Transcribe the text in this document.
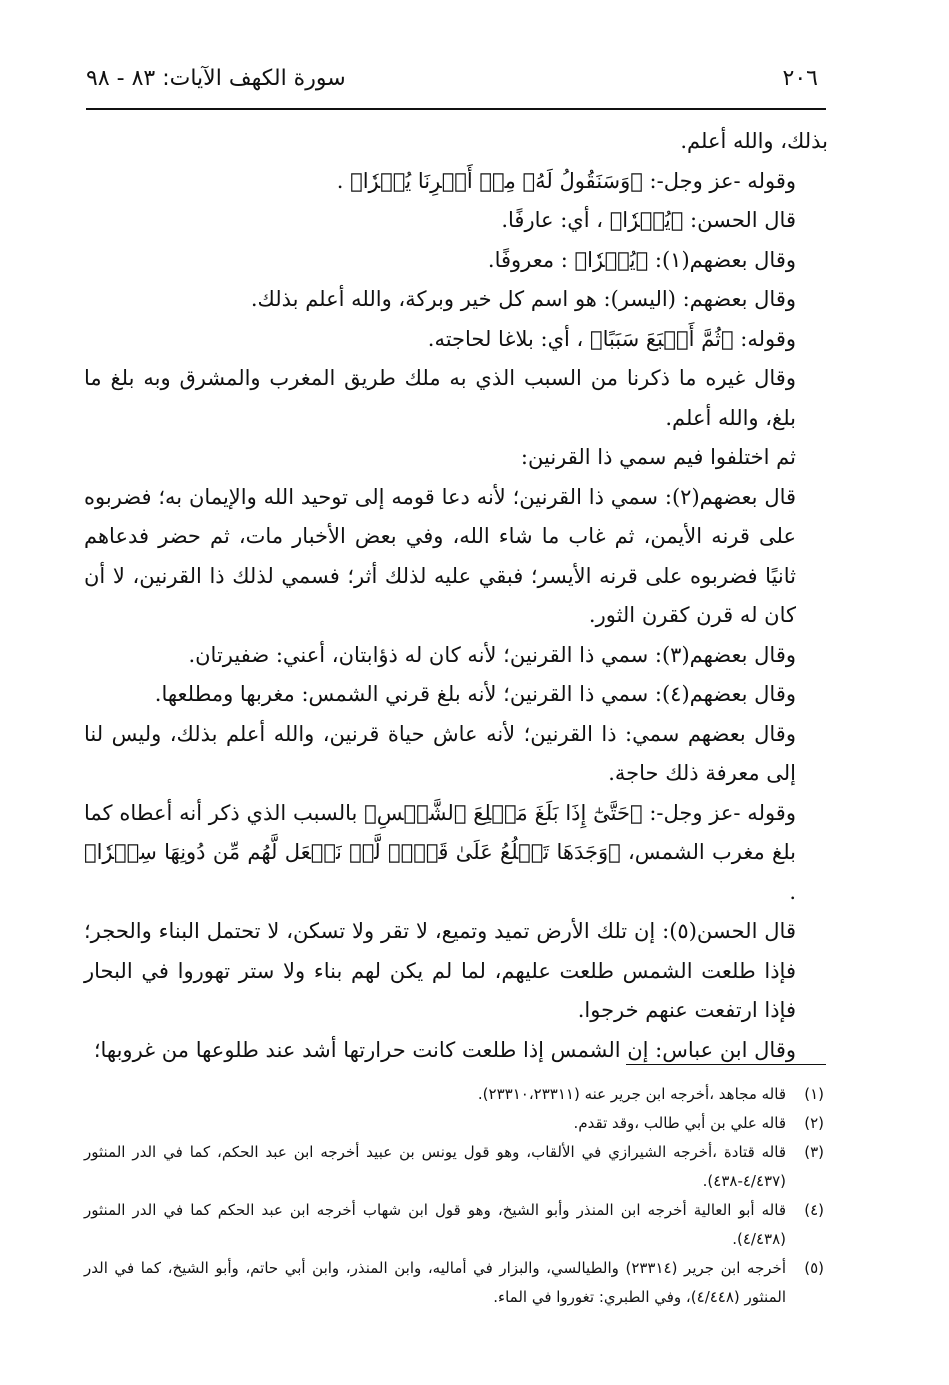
٢٠٦
سورة الكهف الآيات: ٨٣ - ٩٨

بذلك، والله أعلم.

وقوله -عز وجل-: ﴿وَسَنَقُولُ لَهُۥ مِنۡ أَمۡرِنَا يُسۡرٗا﴾ .

قال الحسن: ﴿يُسۡرٗا﴾ ، أي: عارفًا.

وقال بعضهم(١): ﴿يُسۡرٗا﴾ : معروفًا.

وقال بعضهم: (اليسر): هو اسم كل خير وبركة، والله أعلم بذلك.

وقوله: ﴿ثُمَّ أَتۡبَعَ سَبَبًا﴾ ، أي: بلاغا لحاجته.

وقال غيره ما ذكرنا من السبب الذي به ملك طريق المغرب والمشرق وبه بلغ ما بلغ، والله أعلم.

ثم اختلفوا فيم سمي ذا القرنين:

قال بعضهم(٢): سمي ذا القرنين؛ لأنه دعا قومه إلى توحيد الله والإيمان به؛ فضربوه على قرنه الأيمن، ثم غاب ما شاء الله، وفي بعض الأخبار مات، ثم حضر فدعاهم ثانيًا فضربوه على قرنه الأيسر؛ فبقي عليه لذلك أثر؛ فسمي لذلك ذا القرنين، لا أن كان له قرن كقرن الثور.

وقال بعضهم(٣): سمي ذا القرنين؛ لأنه كان له ذؤابتان، أعني: ضفيرتان.

وقال بعضهم(٤): سمي ذا القرنين؛ لأنه بلغ قرني الشمس: مغربها ومطلعها.

وقال بعضهم سمي: ذا القرنين؛ لأنه عاش حياة قرنين، والله أعلم بذلك، وليس لنا إلى معرفة ذلك حاجة.

وقوله -عز وجل-: ﴿حَتَّىٰٓ إِذَا بَلَغَ مَطۡلِعَ ٱلشَّمۡسِ﴾ بالسبب الذي ذكر أنه أعطاه كما بلغ مغرب الشمس، ﴿وَجَدَهَا تَطۡلُعُ عَلَىٰ قَوۡمٖ لَّمۡ نَجۡعَل لَّهُم مِّن دُونِهَا سِتۡرٗا﴾ .

قال الحسن(٥): إن تلك الأرض تميد وتميع، لا تقر ولا تسكن، لا تحتمل البناء والحجر؛ فإذا طلعت الشمس طلعت عليهم، لما لم يكن لهم بناء ولا ستر تهوروا في البحار فإذا ارتفعت عنهم خرجوا.

وقال ابن عباس: إن الشمس إذا طلعت كانت حرارتها أشد عند طلوعها من غروبها؛

(١)
قاله مجاهد ،أخرجه ابن جرير عنه (٢٣٣١٠،٢٣٣١١).
(٢)
قاله علي بن أبي طالب ،وقد تقدم.
(٣)
قاله قتادة ،أخرجه الشيرازي في الألقاب، وهو قول يونس بن عبيد أخرجه ابن عبد الحكم، كما في الدر المنثور (٤/٤٣٧-٤٣٨).
(٤)
قاله أبو العالية أخرجه ابن المنذر وأبو الشيخ، وهو قول ابن شهاب أخرجه ابن عبد الحكم كما في الدر المنثور (٤/٤٣٨).
(٥)
أخرجه ابن جرير (٢٣٣١٤) والطيالسي، والبزار في أماليه، وابن المنذر، وابن أبي حاتم، وأبو الشيخ، كما في الدر المنثور (٤/٤٤٨)، وفي الطبري: تغوروا في الماء.
